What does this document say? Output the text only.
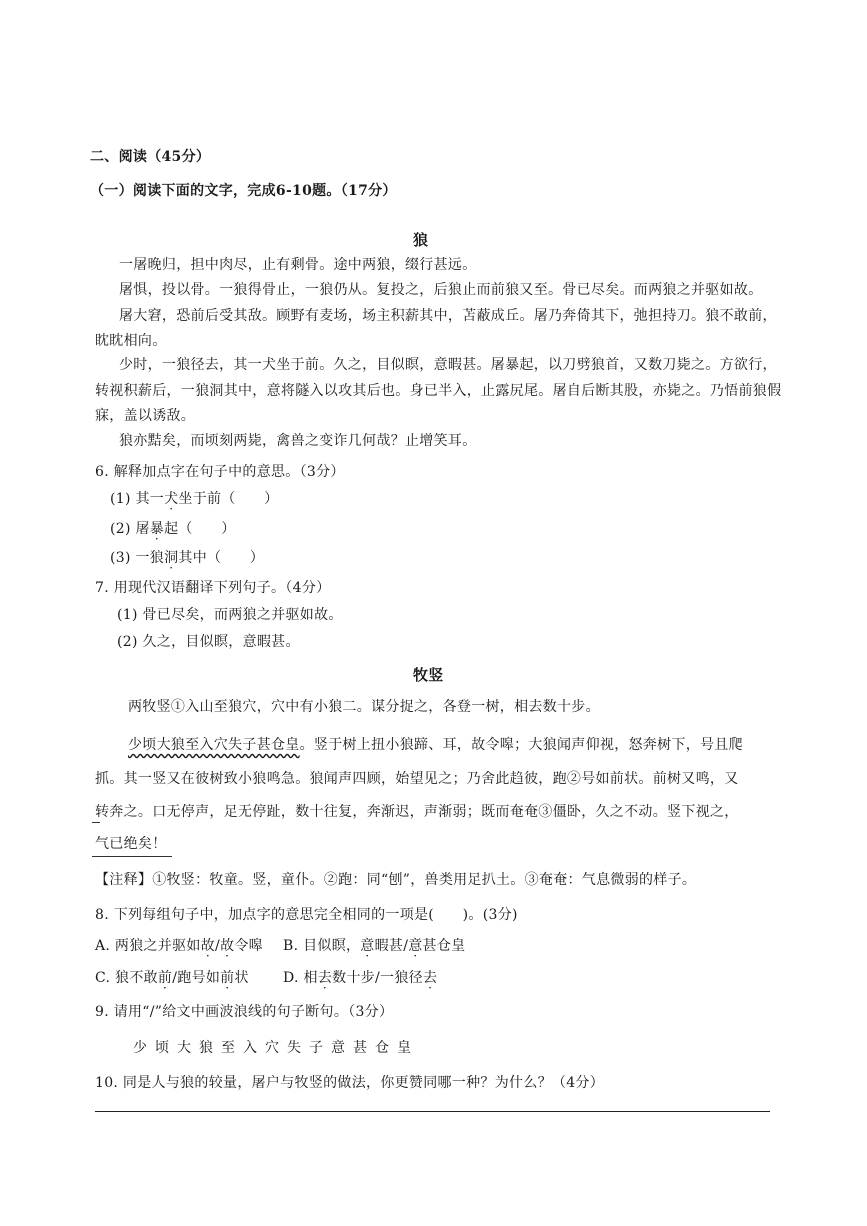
二、阅读（45分）
（一）阅读下面的文字，完成6-10题。（17分）
狼
一屠晚归，担中肉尽，止有剩骨。途中两狼，缀行甚远。
屠惧，投以骨。一狼得骨止，一狼仍从。复投之，后狼止而前狼又至。骨已尽矣。而两狼之并驱如故。
屠大窘，恐前后受其敌。顾野有麦场，场主积薪其中，苫蔽成丘。屠乃奔倚其下，弛担持刀。狼不敢前，
眈眈相向。
少时，一狼径去，其一犬坐于前。久之，目似瞑，意暇甚。屠暴起，以刀劈狼首，又数刀毙之。方欲行，
转视积薪后，一狼洞其中，意将隧入以攻其后也。身已半入，止露尻尾。屠自后断其股，亦毙之。乃悟前狼假
寐，盖以诱敌。
狼亦黠矣，而顷刻两毙，禽兽之变诈几何哉？止增笑耳。
6. 解释加点字在句子中的意思。（3分）
(1) 其一犬坐于前（　　）
(2) 屠暴起（　　）
(3) 一狼洞其中（　　）
7. 用现代汉语翻译下列句子。（4分）
(1) 骨已尽矣，而两狼之并驱如故。
(2) 久之，目似瞑，意暇甚。
牧竖
两牧竖①入山至狼穴，穴中有小狼二。谋分捉之，各登一树，相去数十步。
少顷大狼至入穴失子甚仓皇。竖于树上扭小狼蹄、耳，故令嗥；大狼闻声仰视，怒奔树下，号且爬
抓。其一竖又在彼树致小狼鸣急。狼闻声四顾，始望见之；乃舍此趋彼，跑②号如前状。前树又鸣，又
转奔之。口无停声，足无停趾，数十往复，奔渐迟，声渐弱；既而奄奄③僵卧，久之不动。竖下视之，
气已绝矣！
【注释】①牧竖：牧童。竖，童仆。②跑：同“刨”，兽类用足扒土。③奄奄：气息微弱的样子。
8. 下列每组句子中，加点字的意思完全相同的一项是(　　)。(3分)
A. 两狼之并驱如故/故令嗥 B. 目似瞑，意暇甚/意甚仓皇
C. 狼不敢前/跑号如前状 D. 相去数十步/一狼径去
9. 请用“/”给文中画波浪线的句子断句。（3分）
少顷大狼至入穴失子意甚仓皇
10. 同是人与狼的较量，屠户与牧竖的做法，你更赞同哪一种？为什么？（4分）
